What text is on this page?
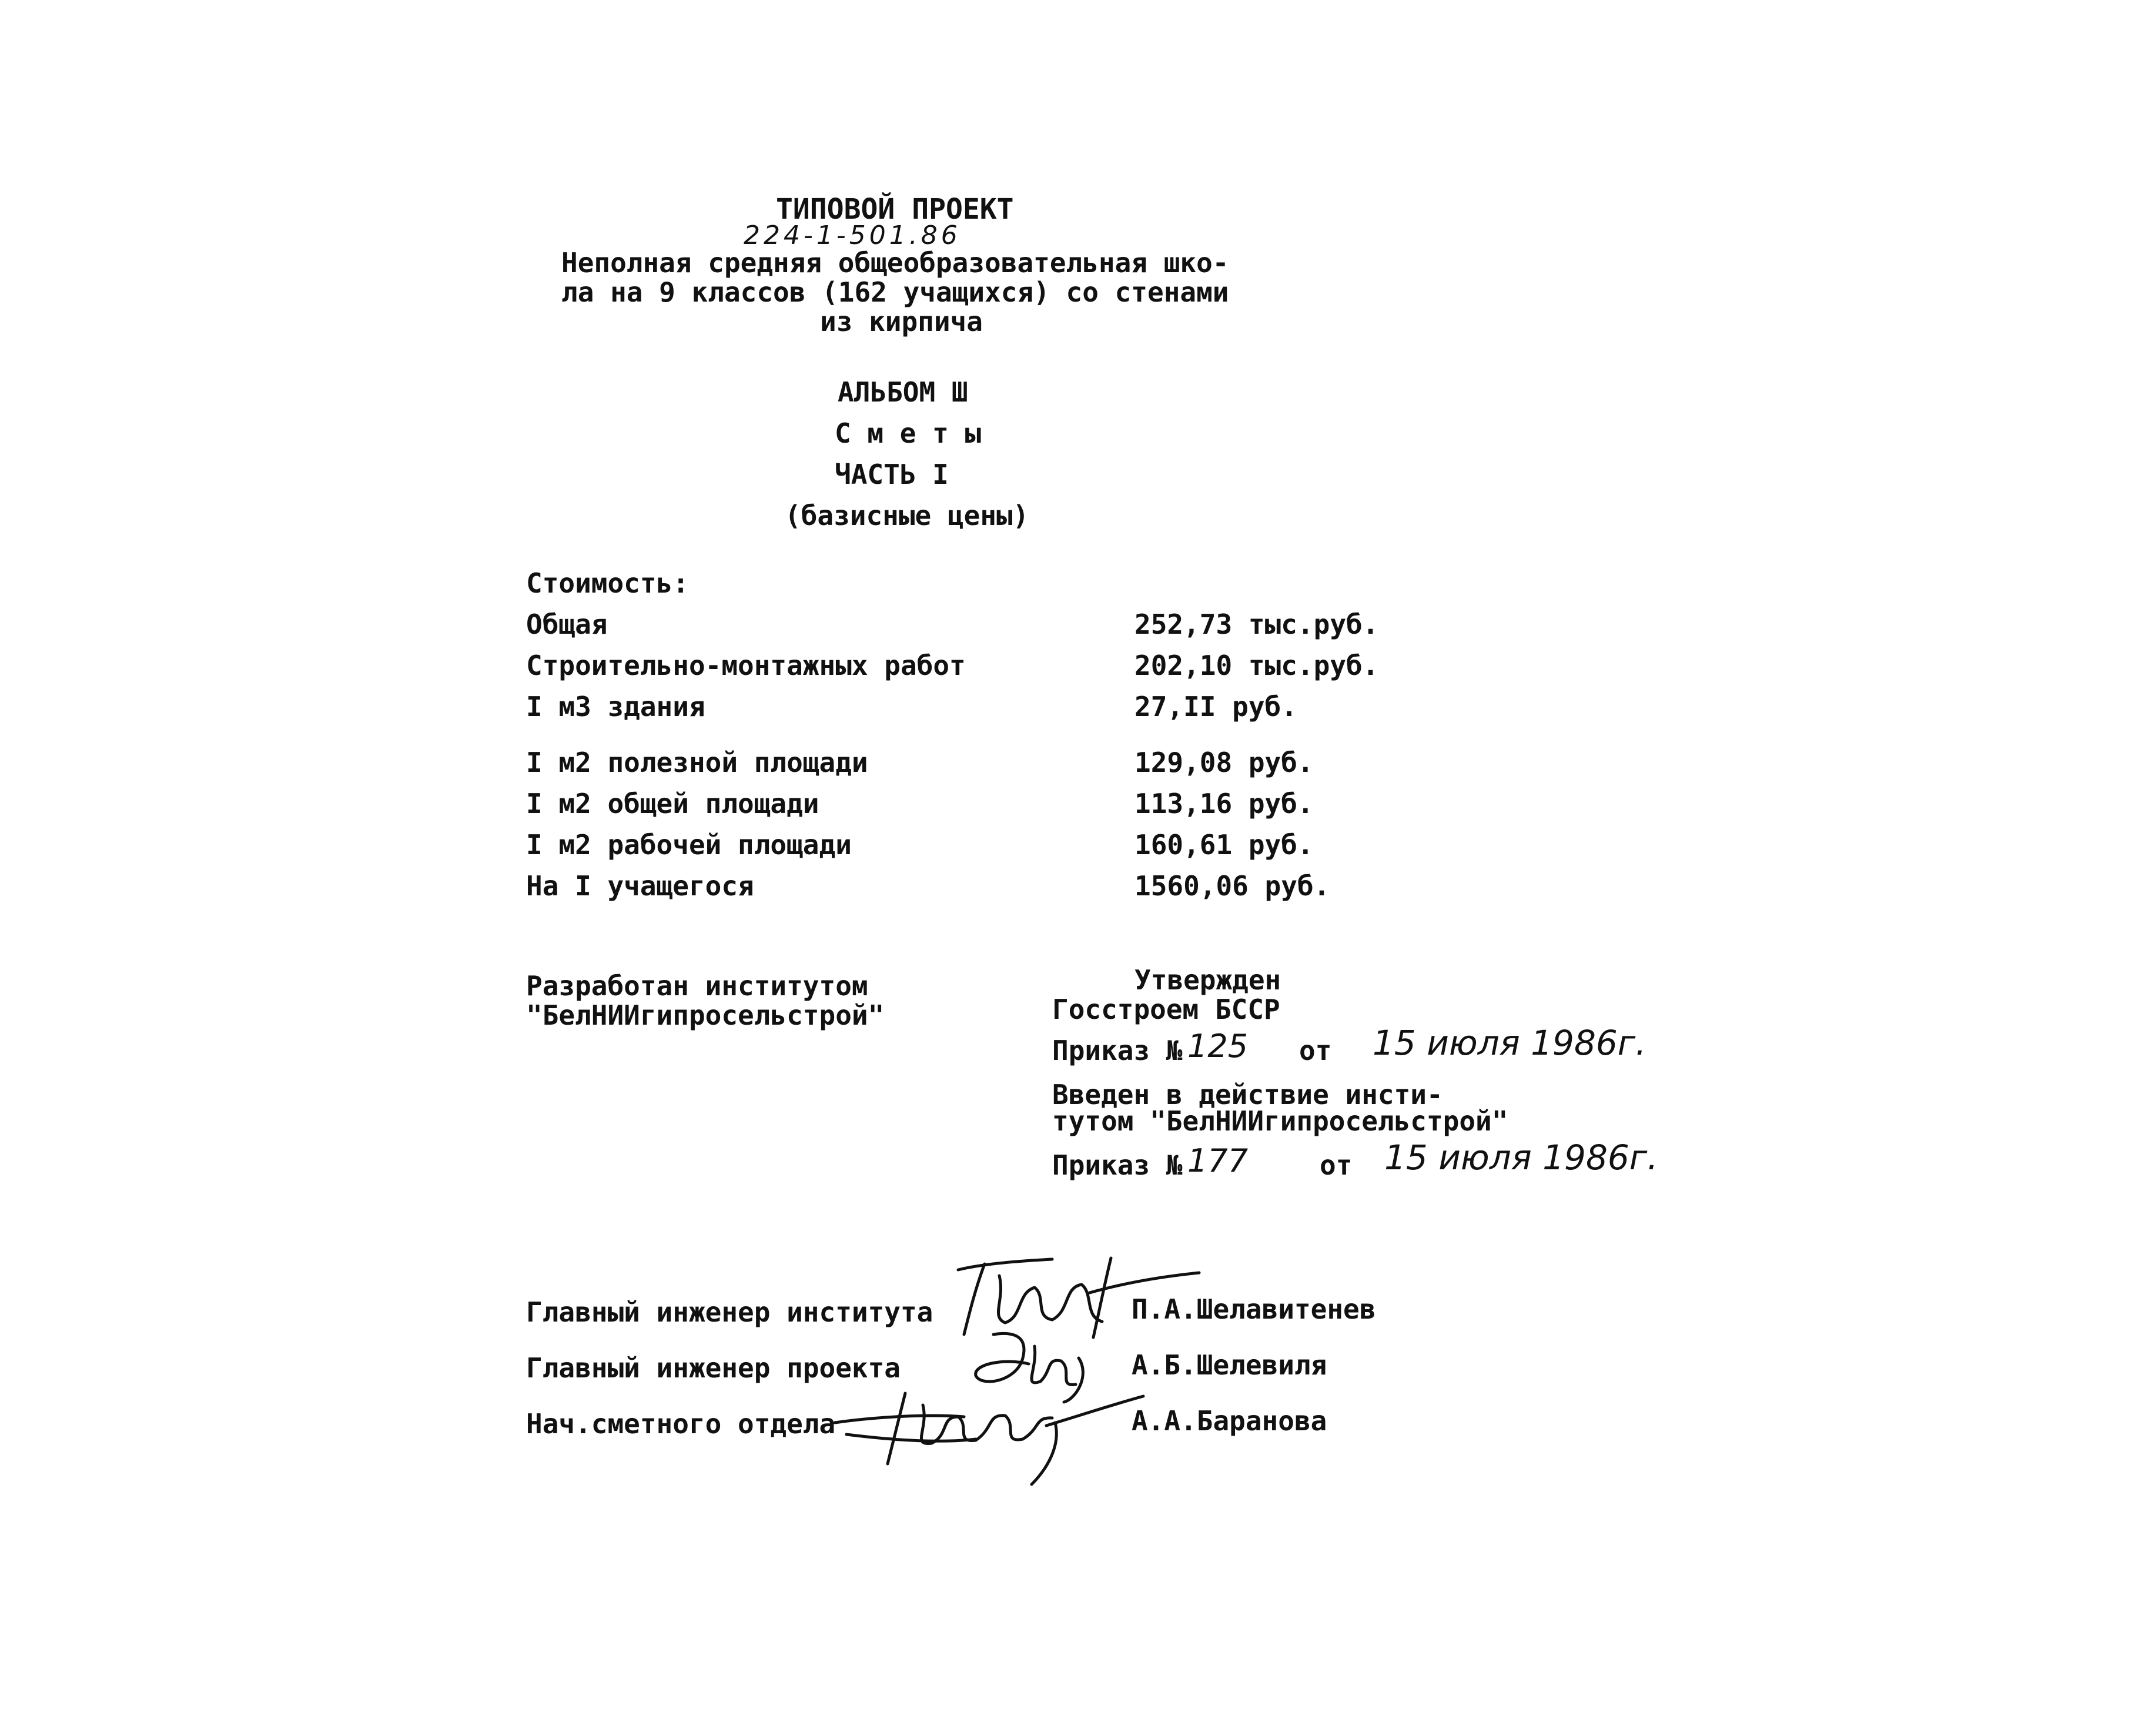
ТИПОВОЙ ПРОЕКТ
224-1-501.86
Неполная средняя общеобразовательная шко-
ла на 9 классов (162 учащихся) со стенами
из кирпича
АЛЬБОМ Ш
С м е т ы
ЧАСТЬ I
(базисные цены)
Стоимость:
Общая	252,73 тыс.руб.
Строительно-монтажных работ	202,10 тыс.руб.
I м3 здания	27,II руб.
I м2 полезной площади	129,08 руб.
I м2 общей площади	113,16 руб.
I м2 рабочей площади	160,61 руб.
На I учащегося	1560,06 руб.
Разработан институтом
"БелНИИгипросельстрой"
Утвержден
Госстроем БССР
Приказ № 125 от 15 июля 1986г.
Введен в действие инсти-
тутом "БелНИИгипросельстрой"
Приказ № 177	от 15 июля 1986г.
Главный инженер института	П.А.Шелавитенев
Главный инженер проекта	А.Б.Шелевиля
Нач.сметного отдела	А.А.Баранова
